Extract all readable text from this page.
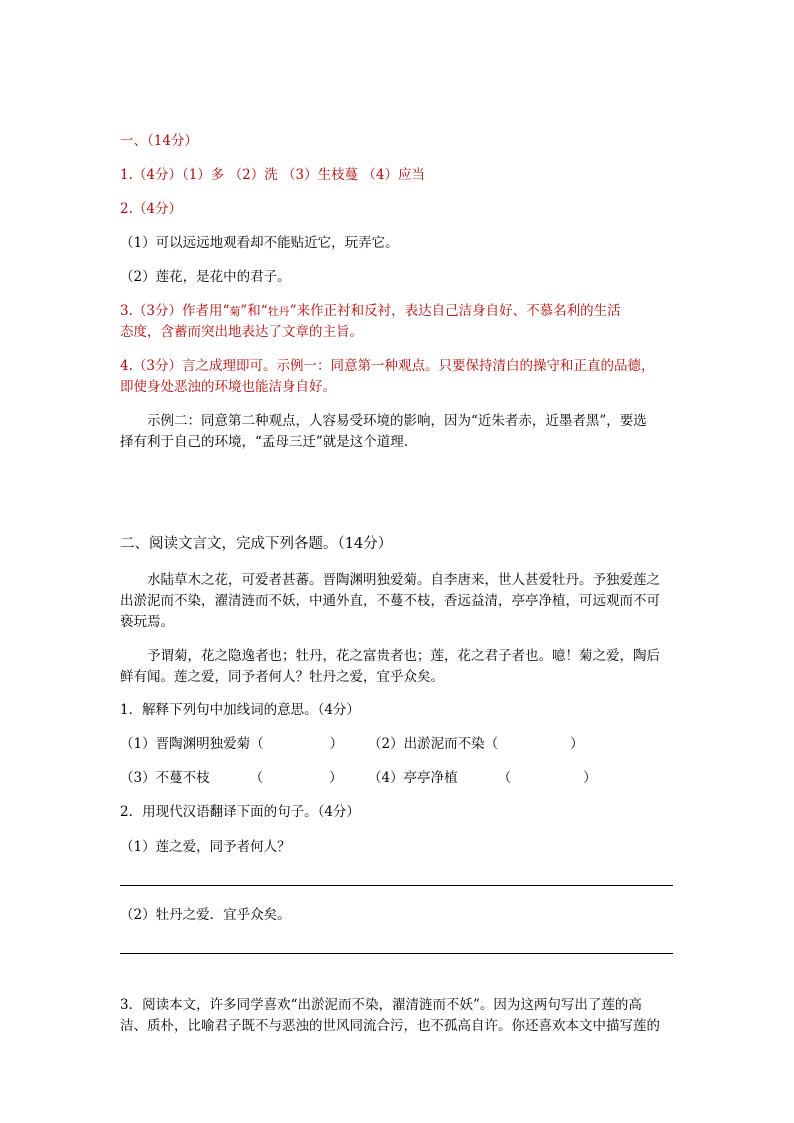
一、（14分）
1.（4分）（1）多 （2）洗 （3）生枝蔓 （4）应当
2.（4分）
（1）可以远远地观看却不能贴近它，玩弄它。
（2）莲花，是花中的君子。
3.（3分）作者用“菊”和“牡丹”来作正衬和反衬，表达自己洁身自好、不慕名利的生活
态度，含蓄而突出地表达了文章的主旨。
4.（3分）言之成理即可。示例一：同意第一种观点。只要保持清白的操守和正直的品德，
即使身处恶浊的环境也能洁身自好。
示例二：同意第二种观点，人容易受环境的影响，因为“近朱者赤，近墨者黑”，要选
择有利于自己的环境，“孟母三迁”就是这个道理.
二、阅读文言文，完成下列各题。（14分）
水陆草木之花，可爱者甚蕃。晋陶渊明独爱菊。自李唐来，世人甚爱牡丹。予独爱莲之
出淤泥而不染，濯清涟而不妖，中通外直，不蔓不枝，香远益清，亭亭净植，可远观而不可
亵玩焉。
予谓菊，花之隐逸者也；牡丹，花之富贵者也；莲，花之君子者也。噫！菊之爱，陶后
鲜有闻。莲之爱，同予者何人？牡丹之爱，宜乎众矣。
1．解释下列句中加线词的意思。（4分）
（1）晋陶渊明独爱菊（	） （2）出淤泥而不染（	）
（3）不蔓不枝	（	） （4）亭亭净植	（	）
2．用现代汉语翻译下面的句子。（4分）
（1）莲之爱，同予者何人？
（2）牡丹之爱．宜乎众矣。
3．阅读本文，许多同学喜欢“出淤泥而不染，濯清涟而不妖”。因为这两句写出了莲的高
洁、质朴，比喻君子既不与恶浊的世风同流合污，也不孤高自许。你还喜欢本文中描写莲的
